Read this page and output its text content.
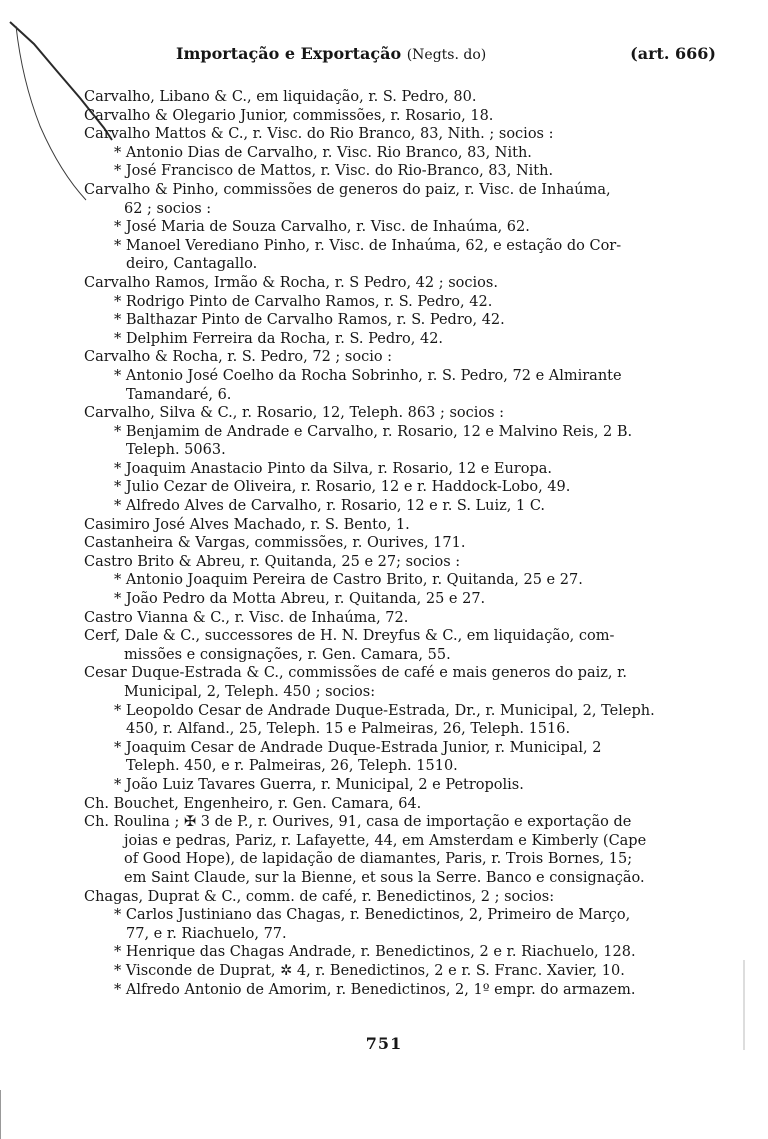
Importação e Exportação (Negts. do)	(art. 666)
Carvalho, Libano & C., em liquidação, r. S. Pedro, 80.
Carvalho & Olegario Junior, commissões, r. Rosario, 18.
Carvalho Mattos & C., r. Visc. do Rio Branco, 83, Nith. ; socios :
* Antonio Dias de Carvalho, r. Visc. Rio Branco, 83, Nith.
* José Francisco de Mattos, r. Visc. do Rio-Branco, 83, Nith.
Carvalho & Pinho, commissões de generos do paiz, r. Visc. de Inhaúma,
62 ; socios :
* José Maria de Souza Carvalho, r. Visc. de Inhaúma, 62.
* Manoel Verediano Pinho, r. Visc. de Inhaúma, 62, e estação do Cor-
deiro, Cantagallo.
Carvalho Ramos, Irmão & Rocha, r. S Pedro, 42 ; socios.
* Rodrigo Pinto de Carvalho Ramos, r. S. Pedro, 42.
* Balthazar Pinto de Carvalho Ramos, r. S. Pedro, 42.
* Delphim Ferreira da Rocha, r. S. Pedro, 42.
Carvalho & Rocha, r. S. Pedro, 72 ; socio :
* Antonio José Coelho da Rocha Sobrinho, r. S. Pedro, 72 e Almirante
Tamandaré, 6.
Carvalho, Silva & C., r. Rosario, 12, Teleph. 863 ; socios :
* Benjamim de Andrade e Carvalho, r. Rosario, 12 e Malvino Reis, 2 B.
Teleph. 5063.
* Joaquim Anastacio Pinto da Silva, r. Rosario, 12 e Europa.
* Julio Cezar de Oliveira, r. Rosario, 12 e r. Haddock-Lobo, 49.
* Alfredo Alves de Carvalho, r. Rosario, 12 e r. S. Luiz, 1 C.
Casimiro José Alves Machado, r. S. Bento, 1.
Castanheira & Vargas, commissões, r. Ourives, 171.
Castro Brito & Abreu, r. Quitanda, 25 e 27; socios :
* Antonio Joaquim Pereira de Castro Brito, r. Quitanda, 25 e 27.
* João Pedro da Motta Abreu, r. Quitanda, 25 e 27.
Castro Vianna & C., r. Visc. de Inhaúma, 72.
Cerf, Dale & C., successores de H. N. Dreyfus & C., em liquidação, com-
missões e consignações, r. Gen. Camara, 55.
Cesar Duque-Estrada & C., commissões de café e mais generos do paiz, r.
Municipal, 2, Teleph. 450 ; socios:
* Leopoldo Cesar de Andrade Duque-Estrada, Dr., r. Municipal, 2, Teleph.
450, r. Alfand., 25, Teleph. 15 e Palmeiras, 26, Teleph. 1516.
* Joaquim Cesar de Andrade Duque-Estrada Junior, r. Municipal, 2
Teleph. 450, e r. Palmeiras, 26, Teleph. 1510.
* João Luiz Tavares Guerra, r. Municipal, 2 e Petropolis.
Ch. Bouchet, Engenheiro, r. Gen. Camara, 64.
Ch. Roulina ; ✠ 3 de P., r. Ourives, 91, casa de importação e exportação de
joias e pedras, Pariz, r. Lafayette, 44, em Amsterdam e Kimberly (Cape
of Good Hope), de lapidação de diamantes, Paris, r. Trois Bornes, 15;
em Saint Claude, sur la Bienne, et sous la Serre. Banco e consignação.
Chagas, Duprat & C., comm. de café, r. Benedictinos, 2 ; socios:
* Carlos Justiniano das Chagas, r. Benedictinos, 2, Primeiro de Março,
77, e r. Riachuelo, 77.
* Henrique das Chagas Andrade, r. Benedictinos, 2 e r. Riachuelo, 128.
* Visconde de Duprat, ✲ 4, r. Benedictinos, 2 e r. S. Franc. Xavier, 10.
* Alfredo Antonio de Amorim, r. Benedictinos, 2, 1º empr. do armazem.
751
